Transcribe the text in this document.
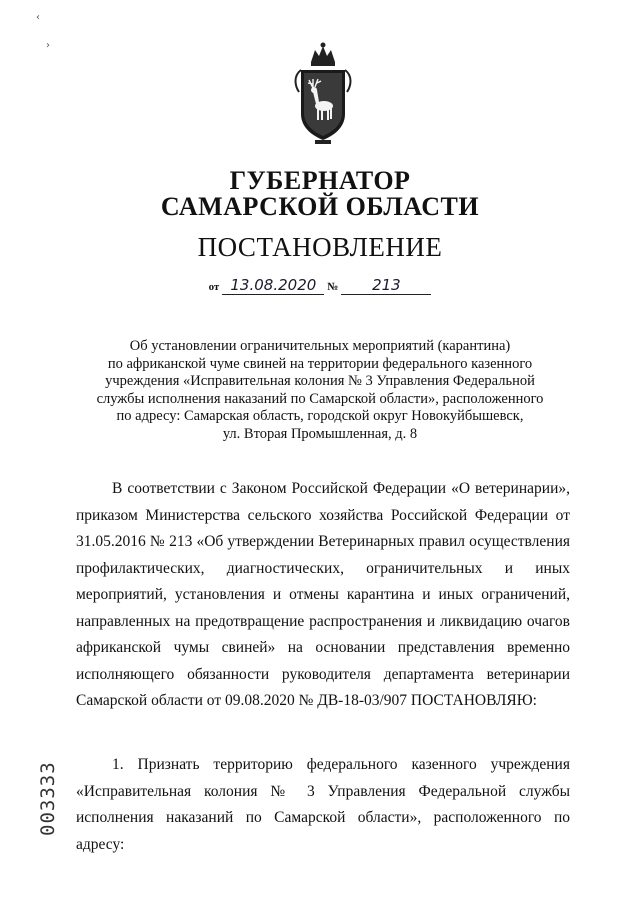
‹
›
ГУБЕРНАТОР
САМАРСКОЙ ОБЛАСТИ
ПОСТАНОВЛЕНИЕ
от 13.08.2020 № 213
Об установлении ограничительных мероприятий (карантина)
по африканской чуме свиней на территории федерального казенного
учреждения «Исправительная колония № 3 Управления Федеральной
службы исполнения наказаний по Самарской области», расположенного
по адресу: Самарская область, городской округ Новокуйбышевск,
ул. Вторая Промышленная, д. 8

В соответствии с Законом Российской Федерации «О ветеринарии», приказом Министерства сельского хозяйства Российской Федерации от 31.05.2016 № 213 «Об утверждении Ветеринарных правил осуществления профилактических, диагностических, ограничительных и иных мероприятий, установления и отмены карантина и иных ограничений, направленных на предотвращение распространения и ликвидацию очагов африканской чумы свиней» на основании представления временно исполняющего обязанности руководителя департамента ветеринарии Самарской области от 09.08.2020 № ДВ-18-03/907 ПОСТАНОВЛЯЮ:

1. Признать территорию федерального казенного учреждения «Исправительная колония № 3 Управления Федеральной службы исполнения наказаний по Самарской области», расположенного по адресу:

003333
